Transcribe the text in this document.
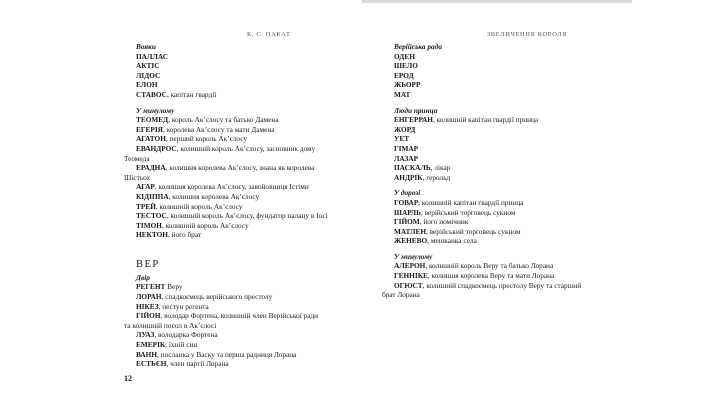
К. С. ПАКАТ	ЗВЕЛИЧЕННЯ КОРОЛЯ
Вояки
ПАЛЛАС
АКТІС
ЛІДОС
ЕЛОН
СТАВОС, капітан гвардії
У минулому
ТЕОМЕД, король Ак’єлосу та батько Дамена
ЕГЕРІЯ, королева Ак’єлосу та мати Дамена
АГАТОН, перший король Ак’єлосу
ЕВАНДРОС, колишній король Ак’єлосу, засновник дому
Теомеда
ЕРАДНА, колишня королева Ак’єлосу, знана як королева
Шістьох
АГАР, колишня королева Ак’єлосу, завойовниця Істіми
КІДІППА, колишня королева Ак’єлосу
ТРЕЙ, колишній король Ак’єлосу
ТЕСТОС, колишній король Ак’єлосу, фундатор палацу в Іосі
ТІМОН, колишній король Ак’єлосу
НЕКТОН, його брат
ВЕР
Двір
РЕГЕНТ Веру
ЛОРАН, спадкоємець верійського престолу
НІКЕЗ, пестун регента
ГІЙОН, володар Фортена, колишній член Верійської ради
та колишній посол в Ак’єлосі
ЛУАЗ, володарка Фортена
ЕМЕРІК, їхній син
ВАНН, посланка у Васку та перша радниця Лорана
ЕСТЬЄН, член партії Лорана
12
Верійська рада
ОДЕН
ШЕЛО
ЕРОД
ЖЬОРР
МАТ
Люди принца
ЕНГЕРРАН, колишній капітан гвардії принца
ЖОРД
УЕТ
ГІМАР
ЛАЗАР
ПАСКАЛЬ, лікар
АНДРІК, герольд
У дорозі
ГОВАР, колишній капітан гвардії принца
ШАРЛЬ, верійський торговець сукном
ГІЙОМ, його помічник
МАТЛЕН, верійський торговець сукном
ЖЕНЕВО, мешканка села
У минулому
АЛЕРОН, колишній король Веру та батько Лорана
ГЕННІКЕ, колишня королева Веру та мати Лорана
ОГЮСТ, колишній спадкоємець престолу Веру та старший
брат Лорана
